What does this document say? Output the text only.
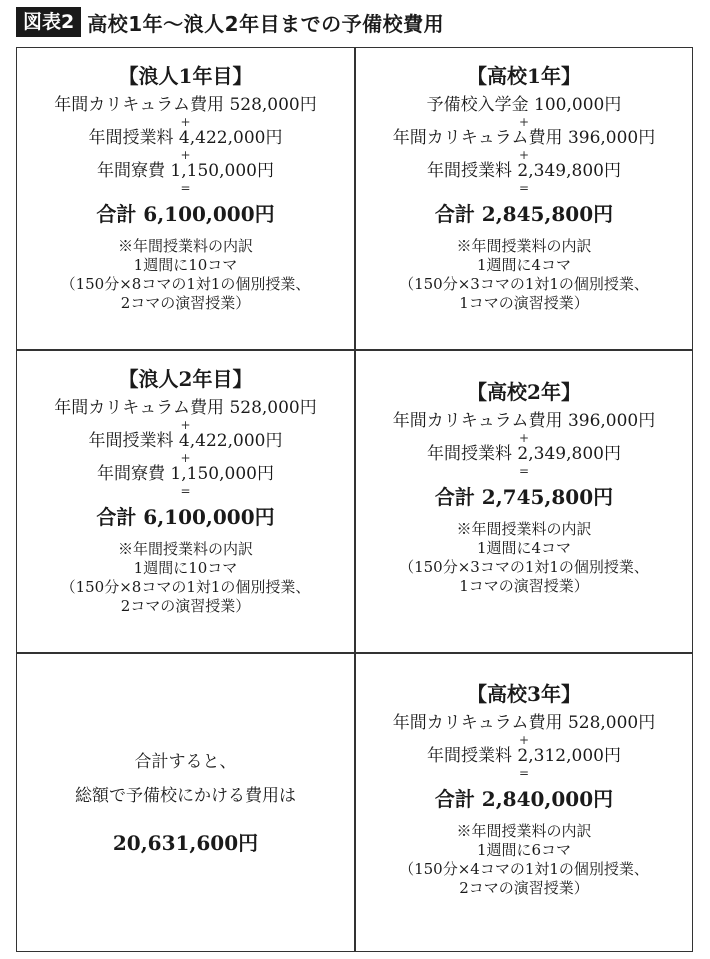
図表2 高校1年〜浪人2年目までの予備校費用
【浪人1年目】
年間カリキュラム費用 528,000円
+
年間授業料 4,422,000円
+
年間寮費 1,150,000円
=
合計 6,100,000円
※年間授業料の内訳
1週間に10コマ
（150分×8コマの1対1の個別授業、
2コマの演習授業）
【高校1年】
予備校入学金 100,000円
+
年間カリキュラム費用 396,000円
+
年間授業料 2,349,800円
=
合計 2,845,800円
※年間授業料の内訳
1週間に4コマ
（150分×3コマの1対1の個別授業、
1コマの演習授業）
【浪人2年目】
年間カリキュラム費用 528,000円
+
年間授業料 4,422,000円
+
年間寮費 1,150,000円
=
合計 6,100,000円
※年間授業料の内訳
1週間に10コマ
（150分×8コマの1対1の個別授業、
2コマの演習授業）
【高校2年】
年間カリキュラム費用 396,000円
+
年間授業料 2,349,800円
=
合計 2,745,800円
※年間授業料の内訳
1週間に4コマ
（150分×3コマの1対1の個別授業、
1コマの演習授業）
合計すると、
総額で予備校にかける費用は
20,631,600円
【高校3年】
年間カリキュラム費用 528,000円
+
年間授業料 2,312,000円
=
合計 2,840,000円
※年間授業料の内訳
1週間に6コマ
（150分×4コマの1対1の個別授業、
2コマの演習授業）
